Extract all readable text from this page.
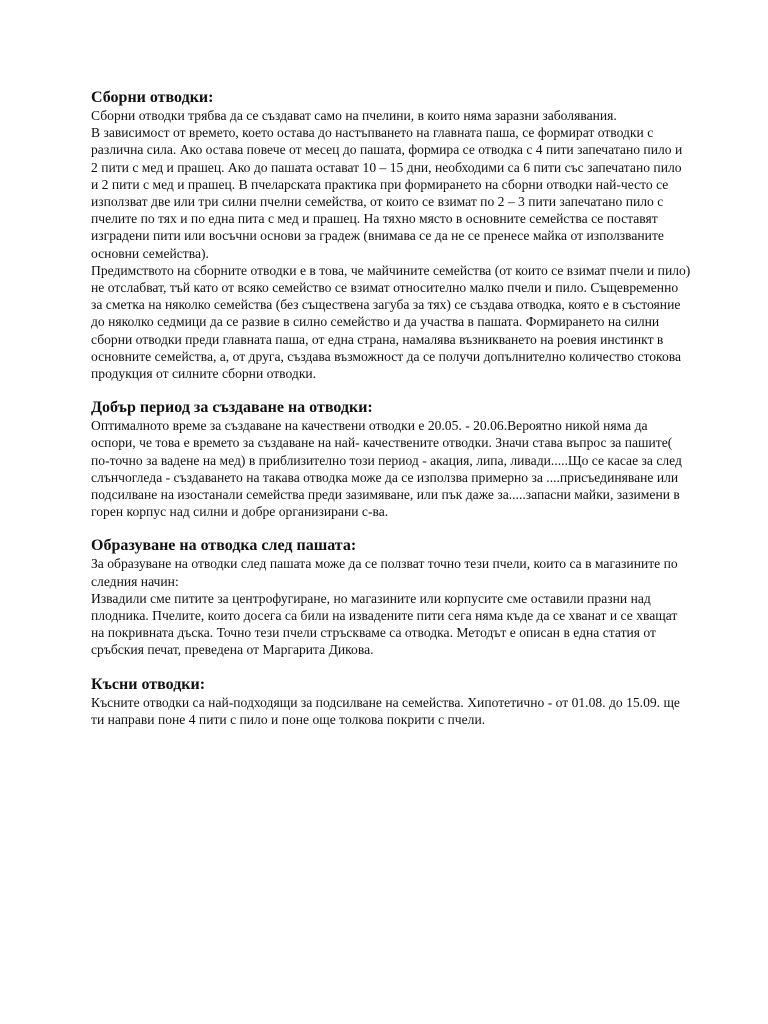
Сборни отводки:

Сборни отводки трябва да се създават само на пчелини, в които няма заразни заболявания.

В зависимост от времето, което остава до настъпването на главната паша, се формират отводки с различна сила. Ако остава повече от месец до пашата, формира се отводка с 4 пити запечатано пило и 2 пити с мед и прашец. Ако до пашата остават 10 – 15 дни, необходими са 6 пити със запечатано пило и 2 пити с мед и прашец. В пчеларската практика при формирането на сборни отводки най-често се използват две или три силни пчелни семейства, от които се взимат по 2 – 3 пити запечатано пило с пчелите по тях и по една пита с мед и прашец. На тяхно място в основните семейства се поставят изградени пити или восъчни основи за градеж (внимава се да не се пренесе майка от използваните основни семейства).

Предимството на сборните отводки е в това, че майчините семейства (от които се взимат пчели и пило) не отслабват, тъй като от всяко семейство се взимат относително малко пчели и пило. Същевременно за сметка на няколко семейства (без съществена загуба за тях) се създава отводка, която е в състояние до няколко седмици да се развие в силно семейство и да участва в пашата. Формирането на силни сборни отводки преди главната паша, от една страна, намалява възникването на роевия инстинкт в основните семейства, а, от друга, създава възможност да се получи допълнително количество стокова продукция от силните сборни отводки.

Добър период за създаване на отводки:

Оптималното време за създаване на качествени отводки е 20.05. - 20.06.Вероятно никой няма да оспори, че това е времето за създаване на най- качествените отводки. Значи става въпрос за пашите( по-точно за вадене на мед) в приблизително този период - акация, липа, ливади.....Що се касае за след слънчогледа - създаването на такава отводка може да се използва примерно за ....присъединяване или подсилване на изостанали семейства преди зазимяване, или пък даже за.....запасни майки, зазимени в горен корпус над силни и добре организирани с-ва.

Образуване на отводка след пашата:

За образуване на отводки след пашата може да се ползват точно тези пчели, които са в магазините по следния начин:

Извадили сме питите за центрофугиране, но магазините или корпусите сме оставили празни над плодника. Пчелите, които досега са били на извадените пити сега няма къде да се хванат и се хващат на покривната дъска. Точно тези пчели стръскваме са отводка. Методът е описан в една статия от сръбския печат, преведена от Маргарита Дикова.

Късни отводки:

Късните отводки са най-подходящи за подсилване на семейства. Хипотетично - от 01.08. до 15.09. ще ти направи поне 4 пити с пило и поне още толкова покрити с пчели.
